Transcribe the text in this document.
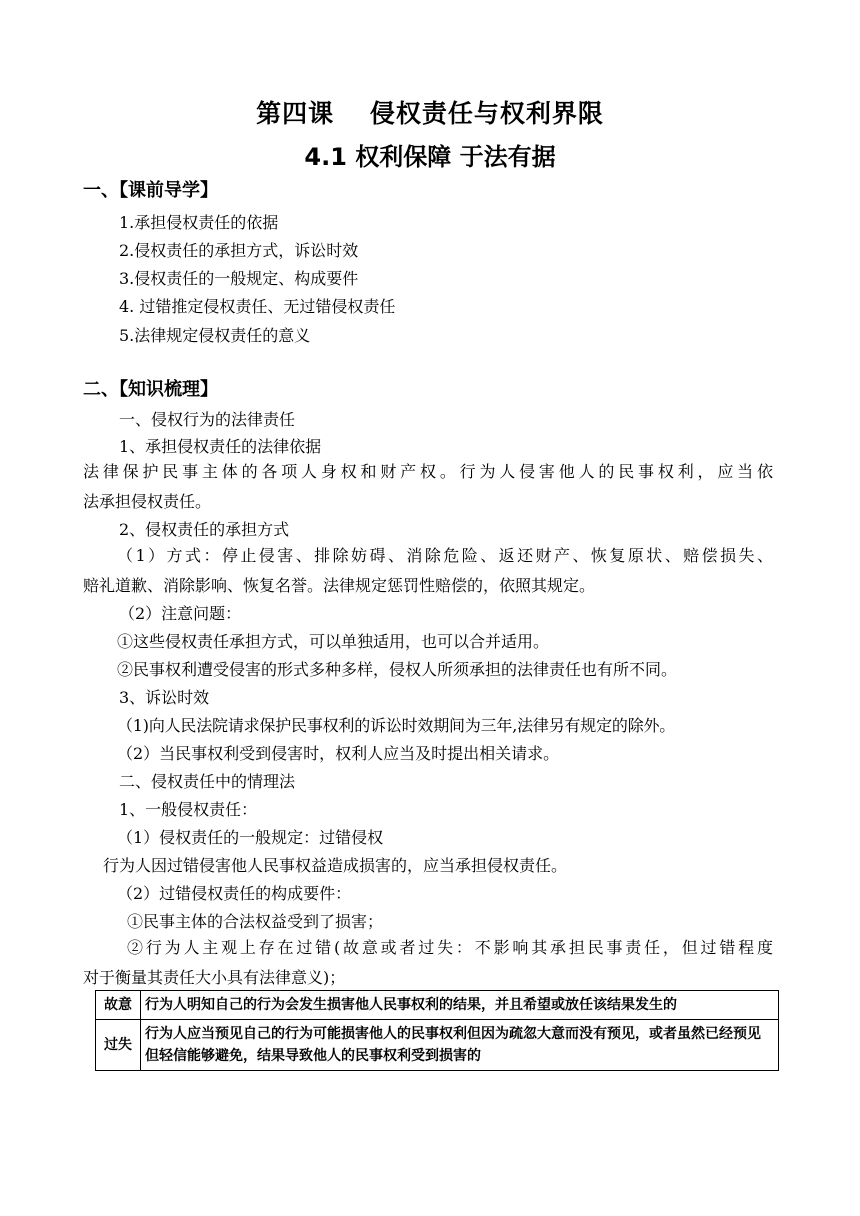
第四课　 侵权责任与权利界限
4.1 权利保障 于法有据
一、【课前导学】
1.承担侵权责任的依据
2.侵权责任的承担方式，诉讼时效
3.侵权责任的一般规定、构成要件
4. 过错推定侵权责任、无过错侵权责任
5.法律规定侵权责任的意义
二、【知识梳理】
一、侵权行为的法律责任
1、承担侵权责任的法律依据
法律保护民事主体的各项人身权和财产权。行为人侵害他人的民事权利，应当依
法承担侵权责任。
2、侵权责任的承担方式
（1）方式：停止侵害、排除妨碍、消除危险、返还财产、恢复原状、赔偿损失、
赔礼道歉、消除影响、恢复名誉。法律规定惩罚性赔偿的，依照其规定。
（2）注意问题：
①这些侵权责任承担方式，可以单独适用，也可以合并适用。
②民事权利遭受侵害的形式多种多样，侵权人所须承担的法律责任也有所不同。
3、诉讼时效
（1)向人民法院请求保护民事权利的诉讼时效期间为三年,法律另有规定的除外。
（2）当民事权利受到侵害时，权利人应当及时提出相关请求。
二、侵权责任中的情理法
1、一般侵权责任：
（1）侵权责任的一般规定：过错侵权
行为人因过错侵害他人民事权益造成损害的，应当承担侵权责任。
（2）过错侵权责任的构成要件：
①民事主体的合法权益受到了损害；
②行为人主观上存在过错(故意或者过失：不影响其承担民事责任，但过错程度
对于衡量其责任大小具有法律意义)；
故意	行为人明知自己的行为会发生损害他人民事权利的结果，并且希望或放任该结果发生的
过失	行为人应当预见自己的行为可能损害他人的民事权利但因为疏忽大意而没有预见，或者虽然已经预见但轻信能够避免，结果导致他人的民事权利受到损害的
